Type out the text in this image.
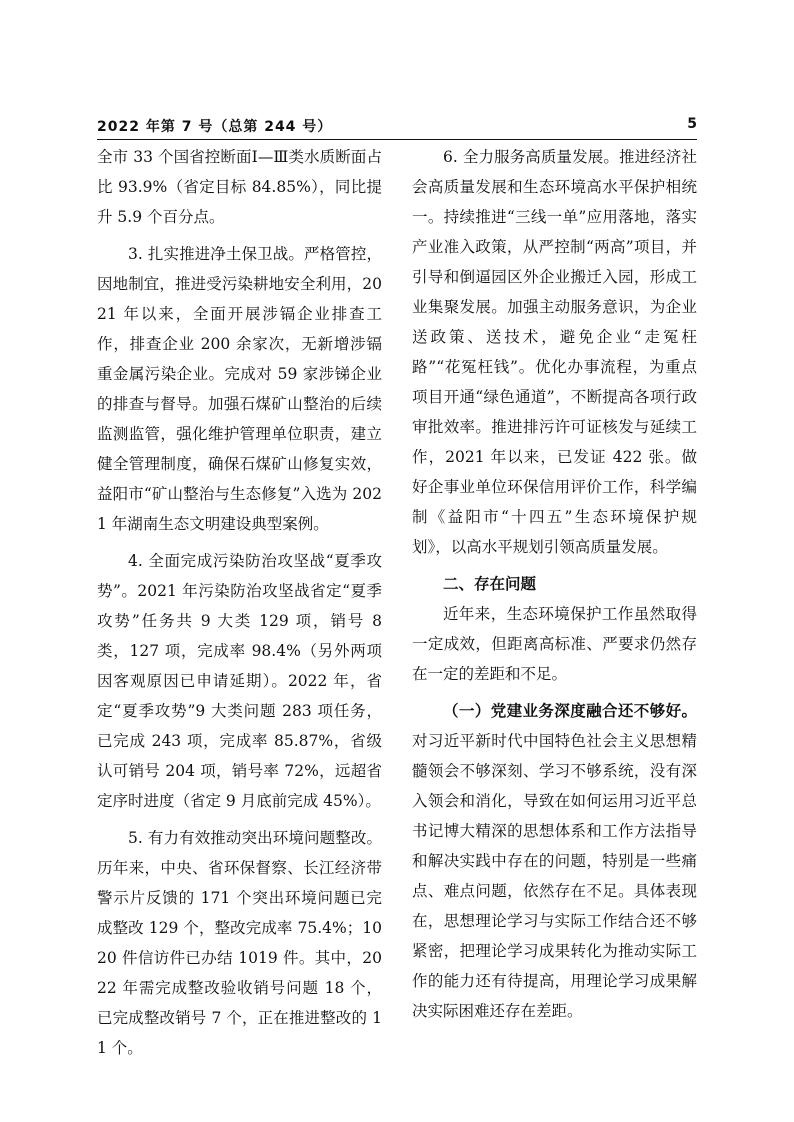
2022 年第 7 号（总第 244 号）	5

全市 33 个国省控断面Ⅰ—Ⅲ类水质断面占比 93.9%（省定目标 84.85%），同比提升 5.9 个百分点。

3. 扎实推进净土保卫战。严格管控，因地制宜，推进受污染耕地安全利用，2021 年以来，全面开展涉镉企业排查工作，排查企业 200 余家次，无新增涉镉重金属污染企业。完成对 59 家涉锑企业的排查与督导。加强石煤矿山整治的后续监测监管，强化维护管理单位职责，建立健全管理制度，确保石煤矿山修复实效，益阳市“矿山整治与生态修复”入选为 2021 年湖南生态文明建设典型案例。

4. 全面完成污染防治攻坚战“夏季攻势”。2021 年污染防治攻坚战省定“夏季攻势”任务共 9 大类 129 项，销号 8 类，127 项，完成率 98.4%（另外两项因客观原因已申请延期）。2022 年，省定“夏季攻势”9 大类问题 283 项任务，已完成 243 项，完成率 85.87%，省级认可销号 204 项，销号率 72%，远超省定序时进度（省定 9 月底前完成 45%）。

5. 有力有效推动突出环境问题整改。历年来，中央、省环保督察、长江经济带警示片反馈的 171 个突出环境问题已完成整改 129 个，整改完成率 75.4%；1020 件信访件已办结 1019 件。其中，2022 年需完成整改验收销号问题 18 个，已完成整改销号 7 个，正在推进整改的 11 个。

6. 全力服务高质量发展。推进经济社会高质量发展和生态环境高水平保护相统一。持续推进“三线一单”应用落地，落实产业准入政策，从严控制“两高”项目，并引导和倒逼园区外企业搬迁入园，形成工业集聚发展。加强主动服务意识，为企业送政策、送技术，避免企业“走冤枉路”“花冤枉钱”。优化办事流程，为重点项目开通“绿色通道”，不断提高各项行政审批效率。推进排污许可证核发与延续工作，2021 年以来，已发证 422 张。做好企事业单位环保信用评价工作，科学编制《益阳市“十四五”生态环境保护规划》，以高水平规划引领高质量发展。

二、存在问题

近年来，生态环境保护工作虽然取得一定成效，但距离高标准、严要求仍然存在一定的差距和不足。

（一）党建业务深度融合还不够好。对习近平新时代中国特色社会主义思想精髓领会不够深刻、学习不够系统，没有深入领会和消化，导致在如何运用习近平总书记博大精深的思想体系和工作方法指导和解决实践中存在的问题，特别是一些痛点、难点问题，依然存在不足。具体表现在，思想理论学习与实际工作结合还不够紧密，把理论学习成果转化为推动实际工作的能力还有待提高，用理论学习成果解决实际困难还存在差距。
